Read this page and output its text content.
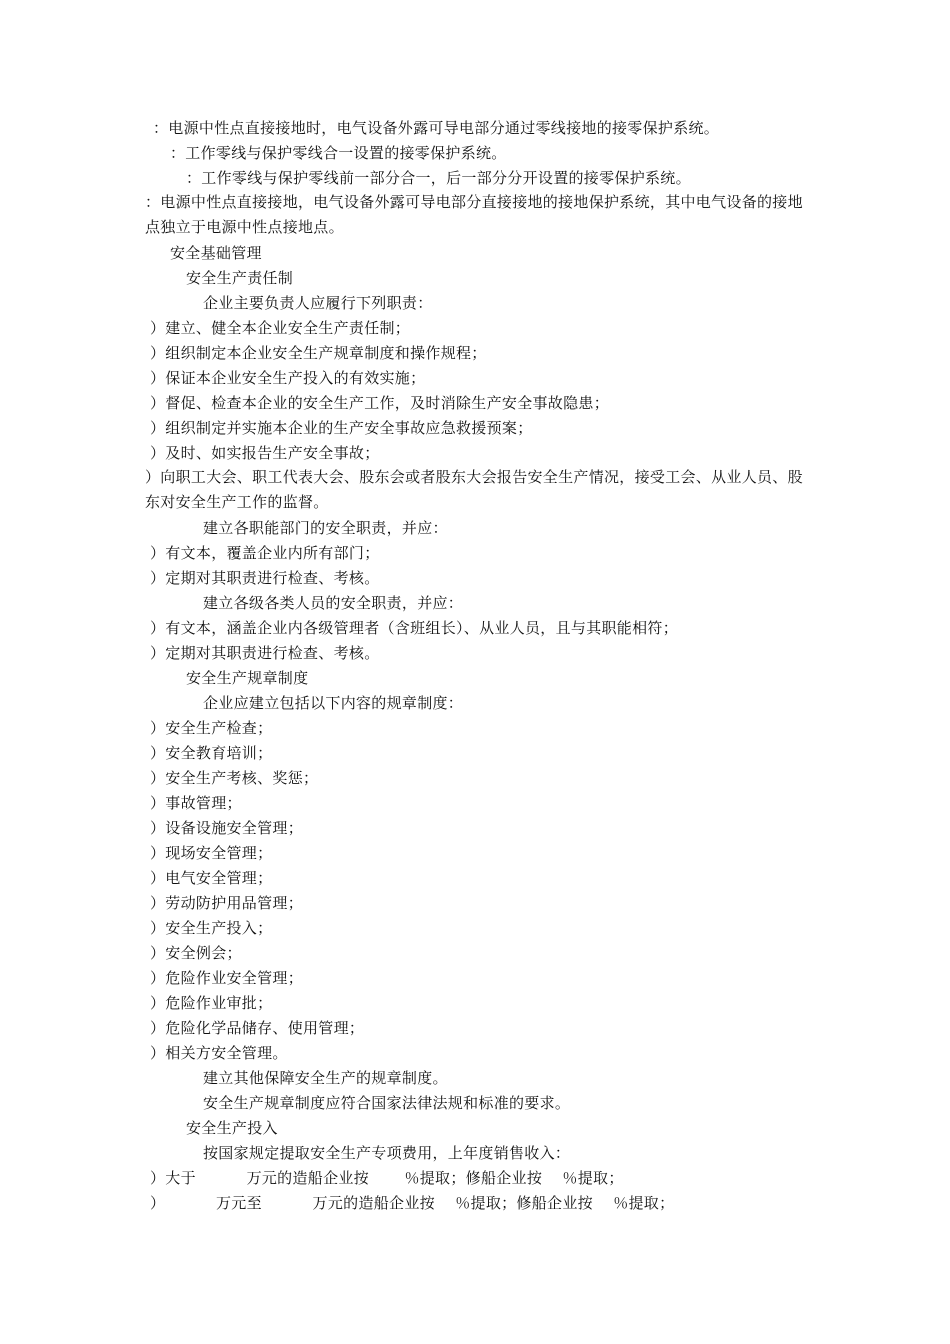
：电源中性点直接接地时，电气设备外露可导电部分通过零线接地的接零保护系统。
：工作零线与保护零线合一设置的接零保护系统。
：工作零线与保护零线前一部分合一，后一部分分开设置的接零保护系统。
：电源中性点直接接地，电气设备外露可导电部分直接接地的接地保护系统，其中电气设备的接地点独立于电源中性点接地点。
安全基础管理
安全生产责任制
企业主要负责人应履行下列职责：
）建立、健全本企业安全生产责任制；
）组织制定本企业安全生产规章制度和操作规程；
）保证本企业安全生产投入的有效实施；
）督促、检查本企业的安全生产工作，及时消除生产安全事故隐患；
）组织制定并实施本企业的生产安全事故应急救援预案；
）及时、如实报告生产安全事故；
）向职工大会、职工代表大会、股东会或者股东大会报告安全生产情况，接受工会、从业人员、股东对安全生产工作的监督。
建立各职能部门的安全职责，并应：
）有文本，覆盖企业内所有部门；
）定期对其职责进行检查、考核。
建立各级各类人员的安全职责，并应：
）有文本，涵盖企业内各级管理者（含班组长）、从业人员，且与其职能相符；
）定期对其职责进行检查、考核。
安全生产规章制度
企业应建立包括以下内容的规章制度：
）安全生产检查；
）安全教育培训；
）安全生产考核、奖惩；
）事故管理；
）设备设施安全管理；
）现场安全管理；
）电气安全管理；
）劳动防护用品管理；
）安全生产投入；
）安全例会；
）危险作业安全管理；
）危险作业审批；
）危险化学品储存、使用管理；
）相关方安全管理。
建立其他保障安全生产的规章制度。
安全生产规章制度应符合国家法律法规和标准的要求。
安全生产投入
按国家规定提取安全生产专项费用，上年度销售收入：
）大于          万元的造船企业按       ％提取；修船企业按    ％提取；
）          万元至          万元的造船企业按    ％提取；修船企业按    ％提取；
